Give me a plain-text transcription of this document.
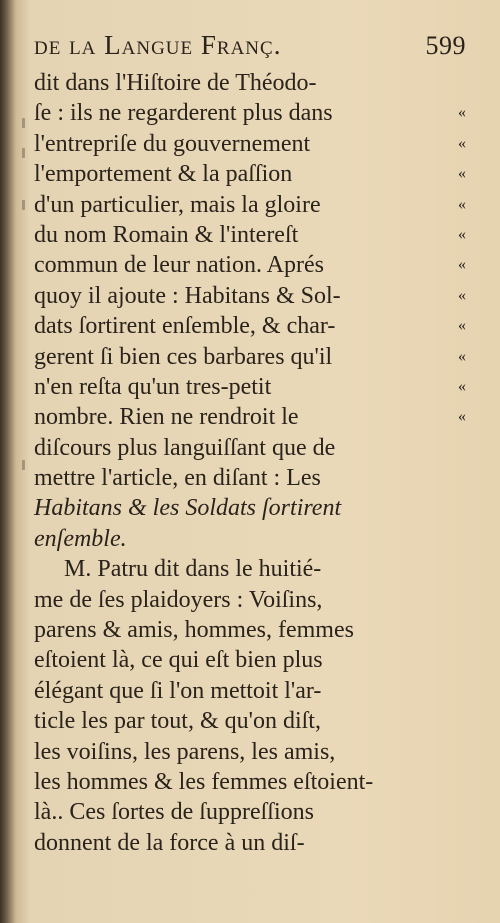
de la Langue Franç.	599
dit dans l'Hiſtoire de Théodo-
ſe : ils ne regarderent plus dans	«
l'entrepriſe du gouvernement	«
l'emportement & la paſſion	«
d'un particulier, mais la gloire	«
du nom Romain & l'intereſt	«
commun de leur nation. Aprés	«
quoy il ajoute : Habitans & Sol-	«
dats ſortirent enſemble, & char-	«
gerent ſi bien ces barbares qu'il	«
n'en reſta qu'un tres-petit	«
nombre. Rien ne rendroit le	«
diſcours plus languiſſant que de
mettre l'article, en diſant : Les
Habitans & les Soldats ſortirent
enſemble.
M. Patru dit dans le huitié-
me de ſes plaidoyers : Voiſins,
parens & amis, hommes, femmes
eſtoient là, ce qui eſt bien plus
élégant que ſi l'on mettoit l'ar-
ticle les par tout, & qu'on diſt,
les voiſins, les parens, les amis,
les hommes & les femmes eſtoient-
là.. Ces ſortes de ſuppreſſions
donnent de la force à un diſ-
